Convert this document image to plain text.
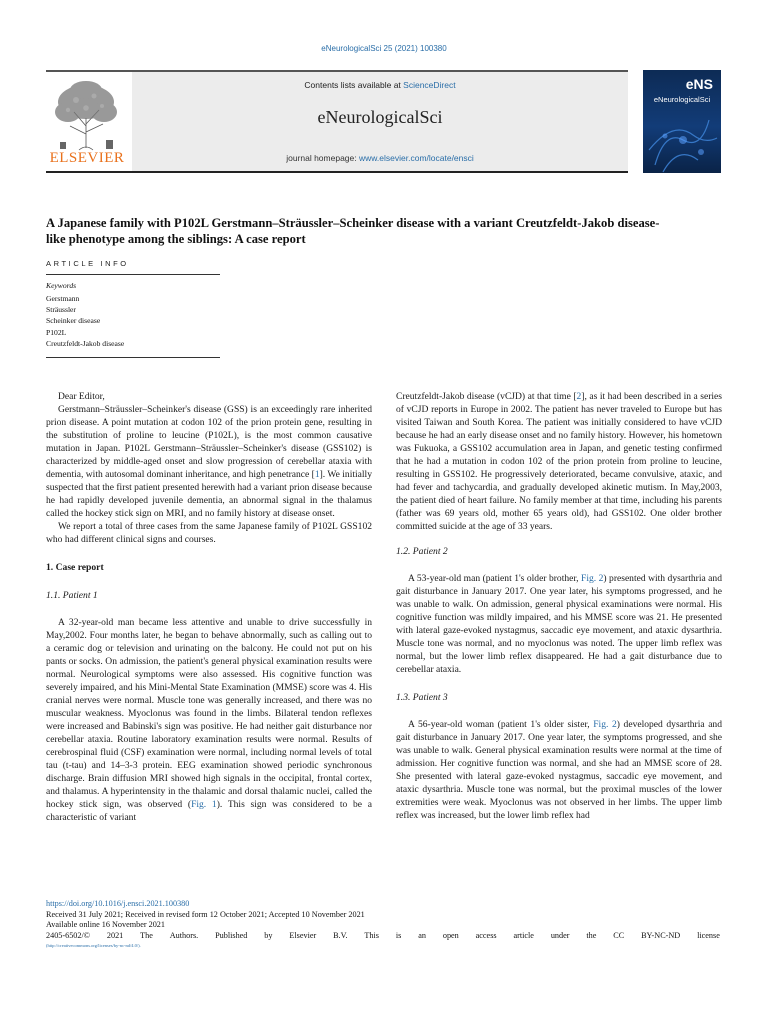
eNeurologicalSci 25 (2021) 100380
ELSEVIER
Contents lists available at ScienceDirect
eNeurologicalSci
journal homepage: www.elsevier.com/locate/ensci
eNS
eNeurologicalSci
A Japanese family with P102L Gerstmann–Sträussler–Scheinker disease with a variant Creutzfeldt-Jakob disease-like phenotype among the siblings: A case report
ARTICLE INFO
Keywords
Gerstmann
Sträussler
Scheinker disease
P102L
Creutzfeldt-Jakob disease

Dear Editor,

Gerstmann–Sträussler–Scheinker's disease (GSS) is an exceedingly rare inherited prion disease. A point mutation at codon 102 of the prion protein gene, resulting in the substitution of proline to leucine (P102L), is the most common causative mutation in Japan. P102L Gerstmann–Sträussler–Scheinker's disease (GSS102) is characterized by middle-aged onset and slow progression of cerebellar ataxia with dementia, with autosomal dominant inheritance, and high penetrance [1]. We initially suspected that the first patient presented herewith had a variant prion disease because he had rapidly developed juvenile dementia, an abnormal signal in the thalamus called the hockey stick sign on MRI, and no family history at disease onset.

We report a total of three cases from the same Japanese family of P102L GSS102 who had different clinical signs and courses.

1. Case report
1.1. Patient 1

A 32-year-old man became less attentive and unable to drive successfully in May,2002. Four months later, he began to behave abnormally, such as calling out to a ceramic dog or television and urinating on the balcony. He could not put on his pants or socks. On admission, the patient's general physical examination results were normal. Neurological symptoms were also assessed. His cognitive function was severely impaired, and his Mini-Mental State Examination (MMSE) score was 4. His cranial nerves were normal. Muscle tone was generally increased, and there was no muscular weakness. Myoclonus was found in the limbs. Bilateral tendon reflexes were increased and Babinski's sign was positive. He had neither gait disturbance nor cerebellar ataxia. Routine laboratory examination results were normal. Results of cerebrospinal fluid (CSF) examination were normal, including normal levels of total tau (t-tau) and 14–3-3 protein. EEG examination showed periodic synchronous discharge. Brain diffusion MRI showed high signals in the occipital, frontal cortex, and thalamus. A hyperintensity in the thalamic and dorsal thalamic nuclei, called the hockey stick sign, was observed (Fig. 1). This sign was considered to be a characteristic of variant

Creutzfeldt-Jakob disease (vCJD) at that time [2], as it had been described in a series of vCJD reports in Europe in 2002. The patient has never traveled to Europe but has visited Taiwan and South Korea. The patient was initially considered to have vCJD because he had an early disease onset and no family history. However, his hometown was Fukuoka, a GSS102 accumulation area in Japan, and genetic testing confirmed that he had a mutation in codon 102 of the prion protein from proline to leucine, resulting in GSS102. He progressively deteriorated, became convulsive, ataxic, and had fever and tachycardia, and gradually developed akinetic mutism. In May,2003, the patient died of heart failure. No family member at that time, including his parents (father was 69 years old, mother 65 years old), had GSS102. One older brother committed suicide at the age of 33 years.

1.2. Patient 2

A 53-year-old man (patient 1's older brother, Fig. 2) presented with dysarthria and gait disturbance in January 2017. One year later, his symptoms progressed, and he was unable to walk. On admission, general physical examinations were normal. His cognitive function was mildly impaired, and his MMSE score was 21. He presented with lateral gaze-evoked nystagmus, saccadic eye movement, and ataxic dysarthria. Muscle tone was normal, and no myoclonus was noted. The upper limb reflex was normal, but the lower limb reflex disappeared. He had a gait disturbance due to cerebellar ataxia.

1.3. Patient 3

A 56-year-old woman (patient 1's older sister, Fig. 2) developed dysarthria and gait disturbance in January 2017. One year later, the symptoms progressed, and she was unable to walk. General physical examination results were normal at the time of admission. Her cognitive function was normal, and she had an MMSE score of 28. She presented with lateral gaze-evoked nystagmus, saccadic eye movement, and ataxic dysarthria. Muscle tone was normal, but the proximal muscles of the lower extremities were weak. Myoclonus was not observed in her limbs. The upper limb reflex was increased, but the lower limb reflex had

https://doi.org/10.1016/j.ensci.2021.100380
Received 31 July 2021; Received in revised form 12 October 2021; Accepted 10 November 2021
Available online 16 November 2021
2405-6502/© 2021 The Authors. Published by Elsevier B.V. This is an open access article under the CC BY-NC-ND license
(http://creativecommons.org/licenses/by-nc-nd/4.0/).
